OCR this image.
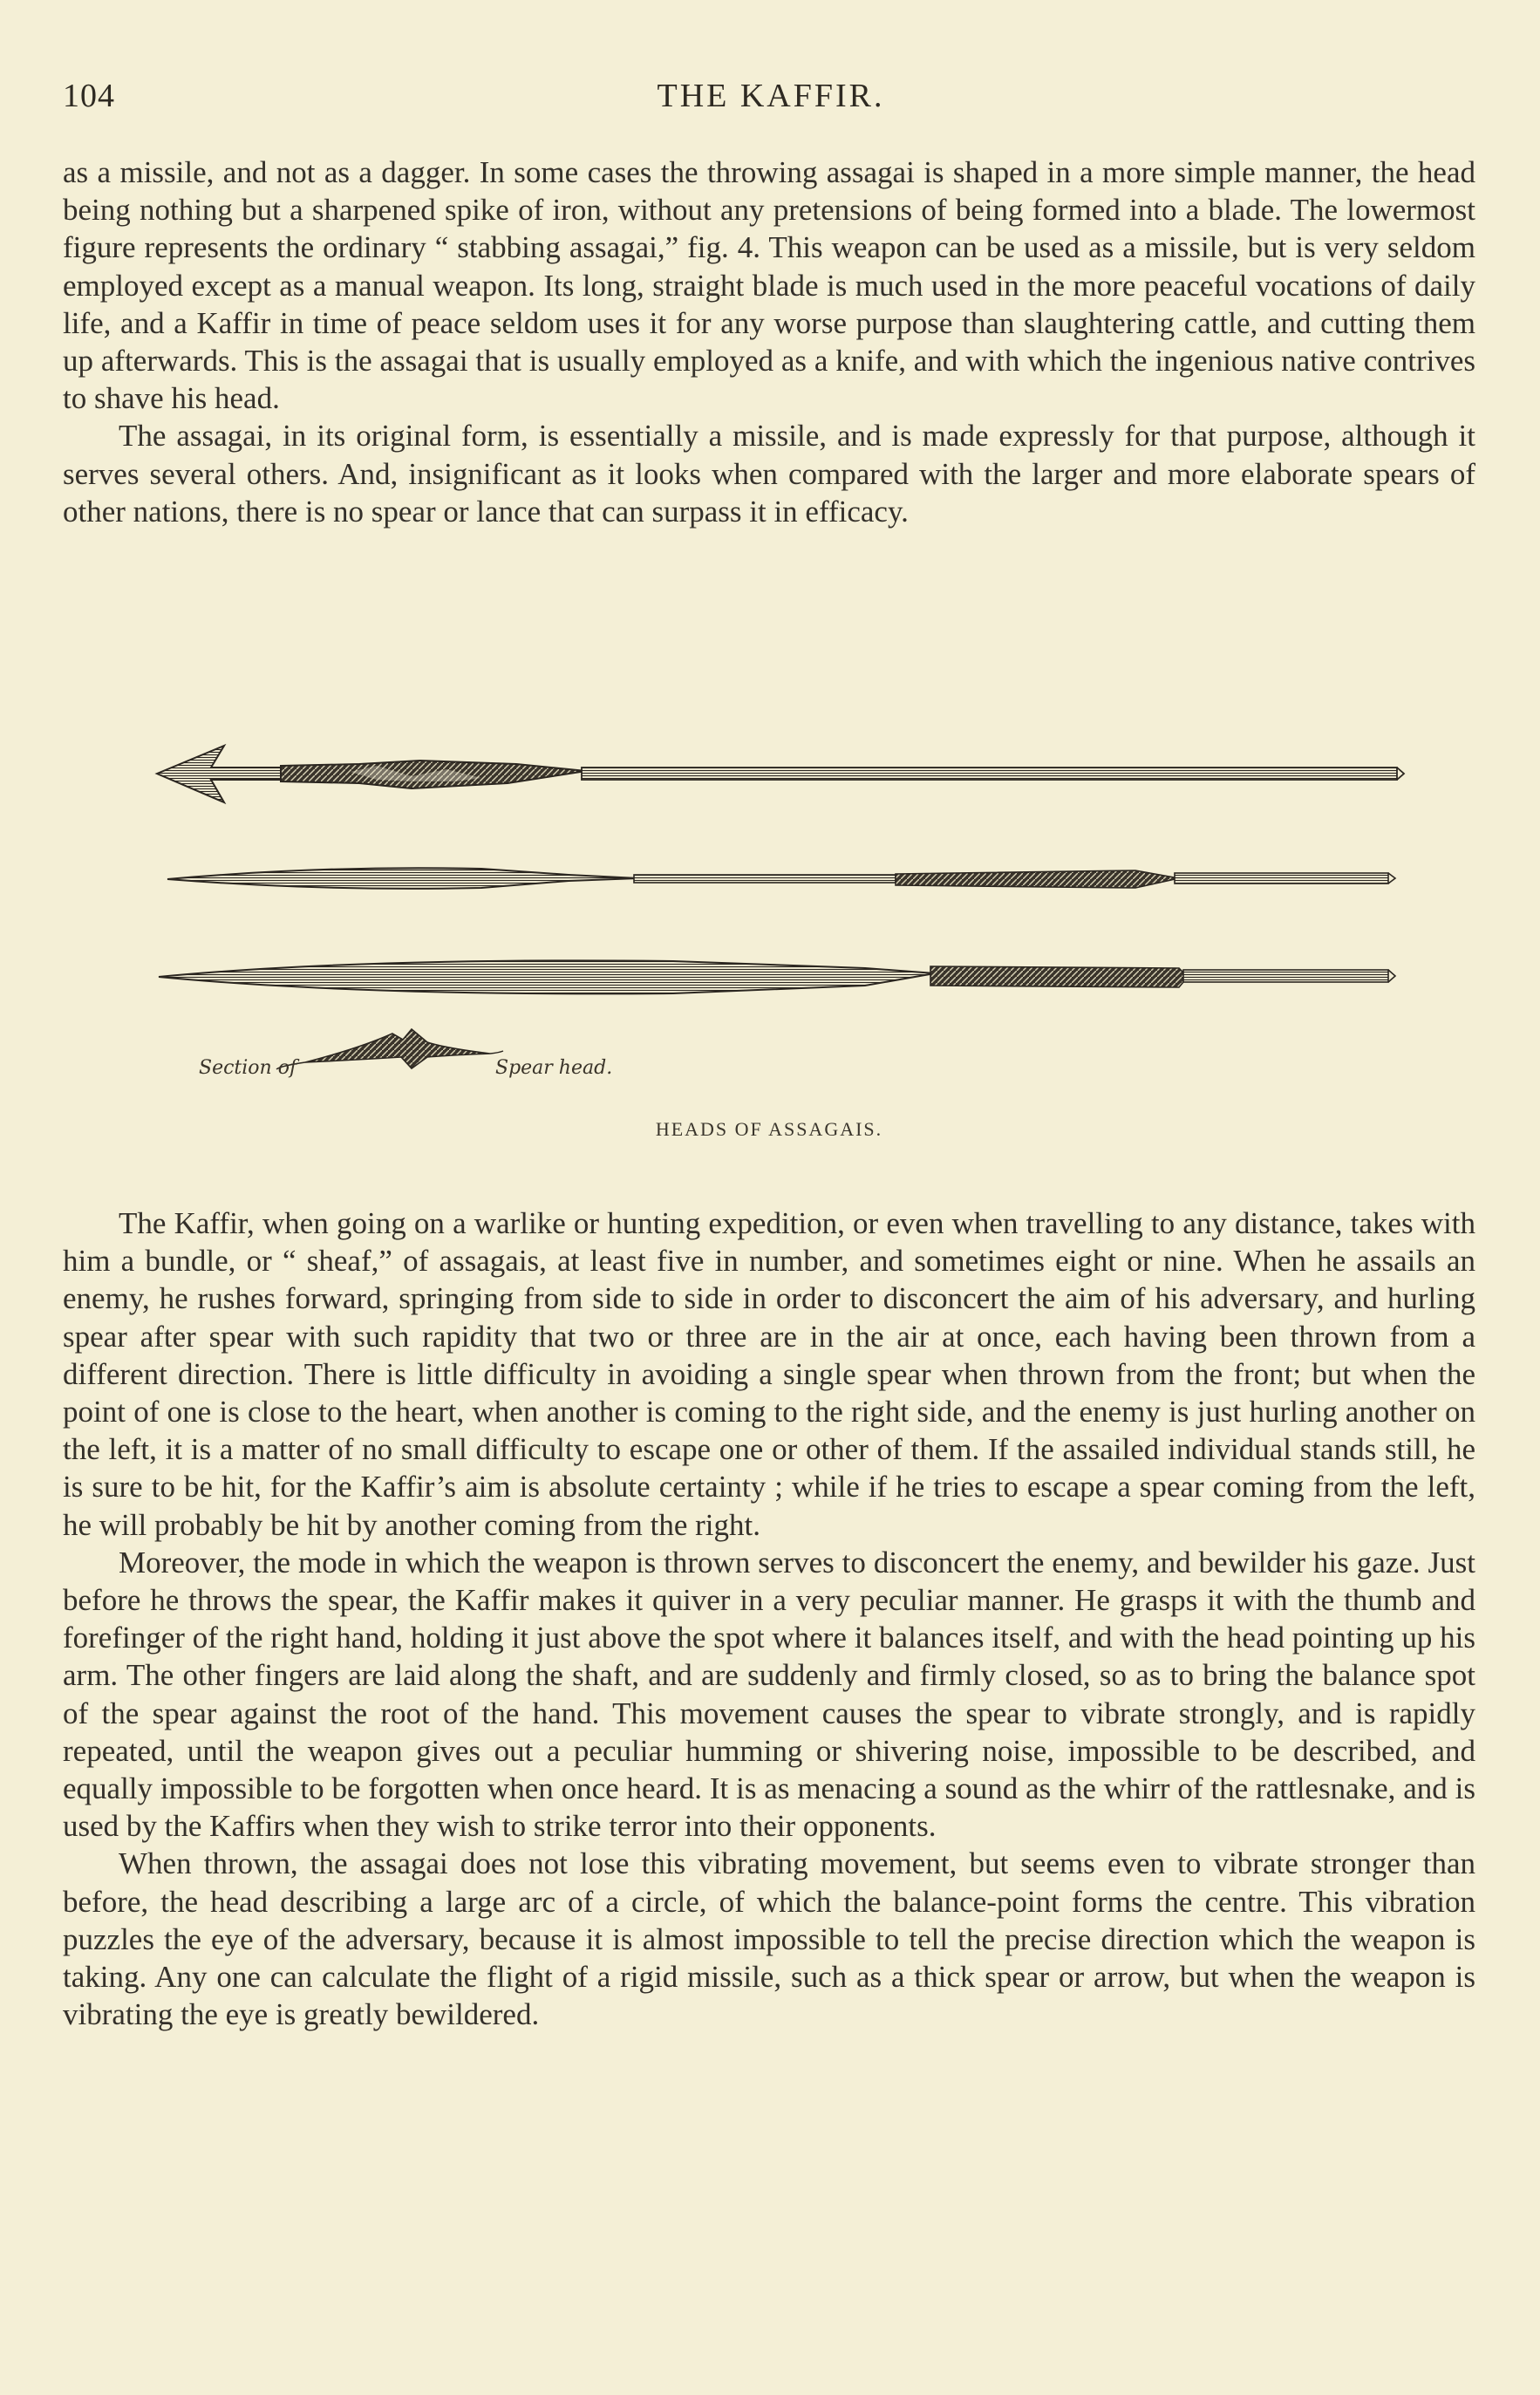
104	THE KAFFIR.

as a missile, and not as a dagger. In some cases the throwing assagai is shaped in a more simple manner, the head being nothing but a sharpened spike of iron, without any pretensions of being formed into a blade. The lowermost figure represents the ordinary “ stabbing assagai,” fig. 4. This weapon can be used as a missile, but is very seldom employed except as a manual weapon. Its long, straight blade is much used in the more peaceful vocations of daily life, and a Kaffir in time of peace seldom uses it for any worse purpose than slaughtering cattle, and cutting them up afterwards. This is the assagai that is usually employed as a knife, and with which the ingenious native contrives to shave his head.

The assagai, in its original form, is essentially a missile, and is made expressly for that purpose, although it serves several others. And, insignificant as it looks when compared with the larger and more elaborate spears of other nations, there is no spear or lance that can surpass it in efficacy.

Section of	Spear head.
HEADS OF ASSAGAIS.

The Kaffir, when going on a warlike or hunting expedition, or even when travelling to any distance, takes with him a bundle, or “ sheaf,” of assagais, at least five in number, and sometimes eight or nine. When he assails an enemy, he rushes forward, springing from side to side in order to disconcert the aim of his adversary, and hurling spear after spear with such rapidity that two or three are in the air at once, each having been thrown from a different direction. There is little difficulty in avoiding a single spear when thrown from the front; but when the point of one is close to the heart, when another is coming to the right side, and the enemy is just hurling another on the left, it is a matter of no small difficulty to escape one or other of them. If the assailed individual stands still, he is sure to be hit, for the Kaffir’s aim is absolute certainty ; while if he tries to escape a spear coming from the left, he will probably be hit by another coming from the right.

Moreover, the mode in which the weapon is thrown serves to disconcert the enemy, and bewilder his gaze. Just before he throws the spear, the Kaffir makes it quiver in a very peculiar manner. He grasps it with the thumb and forefinger of the right hand, holding it just above the spot where it balances itself, and with the head pointing up his arm. The other fingers are laid along the shaft, and are suddenly and firmly closed, so as to bring the balance spot of the spear against the root of the hand. This movement causes the spear to vibrate strongly, and is rapidly repeated, until the weapon gives out a peculiar humming or shivering noise, impossible to be described, and equally impossible to be forgotten when once heard. It is as menacing a sound as the whirr of the rattlesnake, and is used by the Kaffirs when they wish to strike terror into their opponents.

When thrown, the assagai does not lose this vibrating movement, but seems even to vibrate stronger than before, the head describing a large arc of a circle, of which the balance-point forms the centre. This vibration puzzles the eye of the adversary, because it is almost impossible to tell the precise direction which the weapon is taking. Any one can calculate the flight of a rigid missile, such as a thick spear or arrow, but when the weapon is vibrating the eye is greatly bewildered.
